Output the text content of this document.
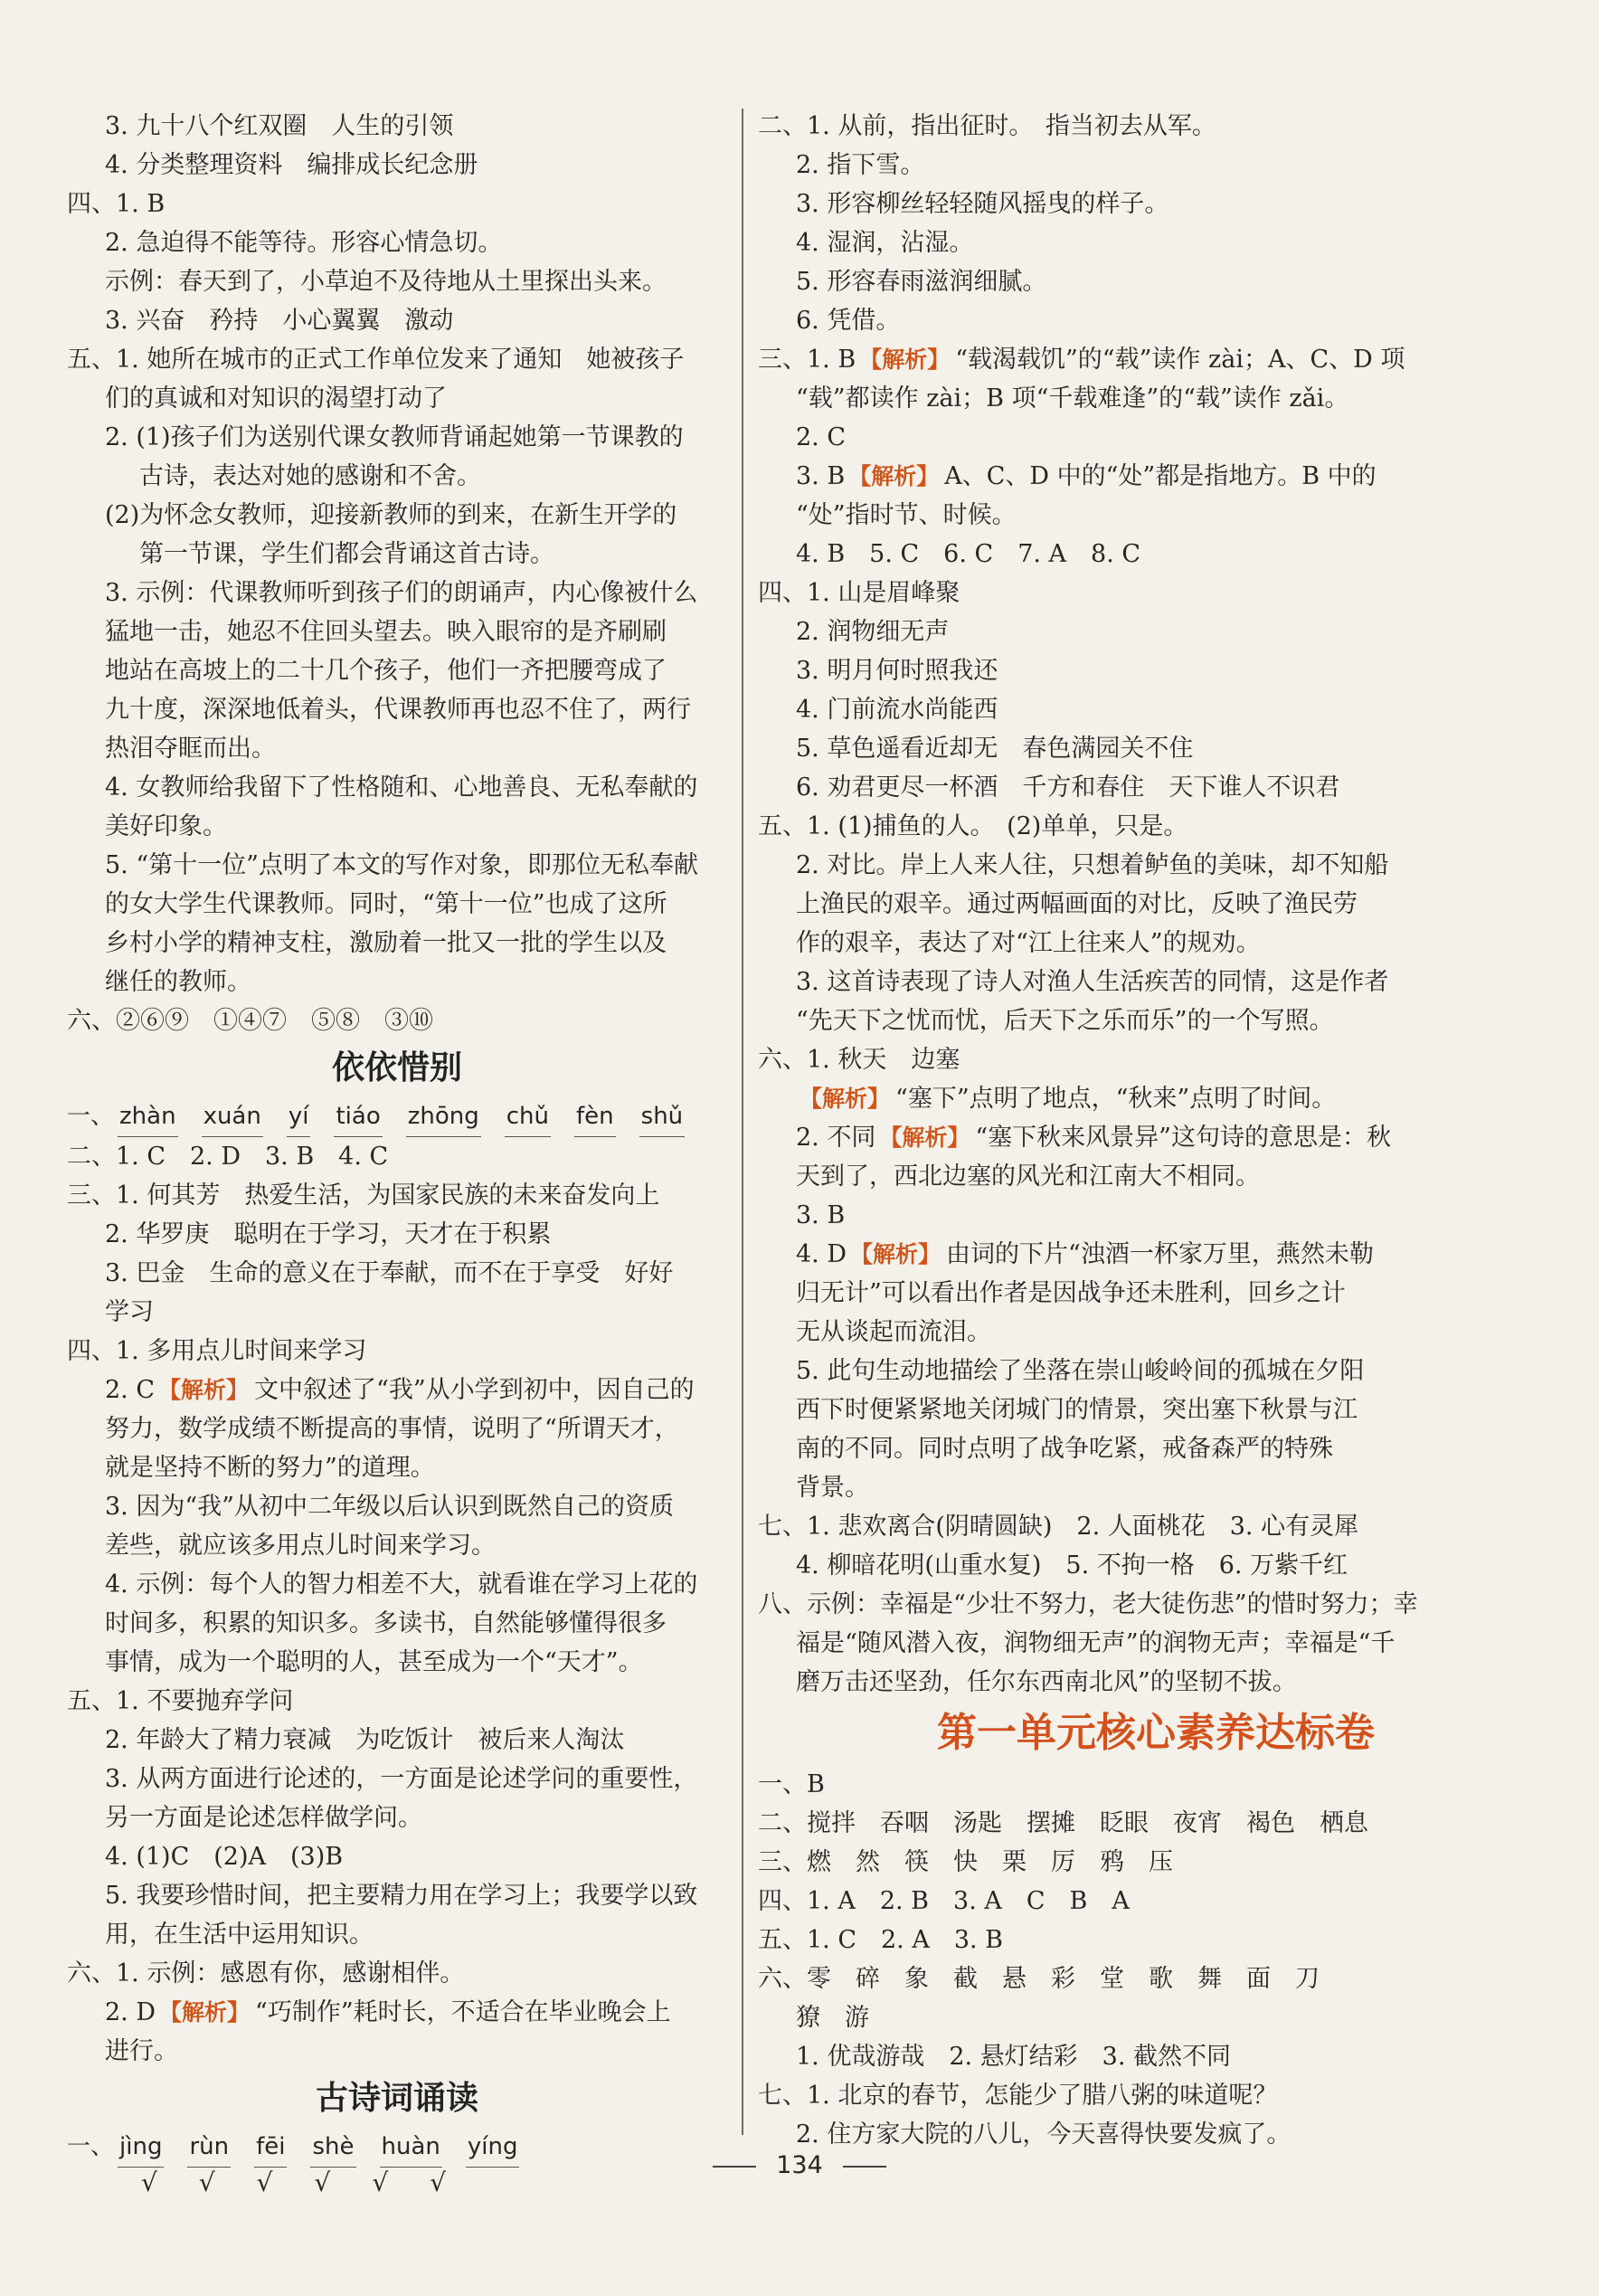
3. 九十八个红双圈　人生的引领
4. 分类整理资料　编排成长纪念册
四、1. B
2. 急迫得不能等待。形容心情急切。
示例：春天到了，小草迫不及待地从土里探出头来。
3. 兴奋　矜持　小心翼翼　激动
五、1. 她所在城市的正式工作单位发来了通知　她被孩子
们的真诚和对知识的渴望打动了
2. (1)孩子们为送别代课女教师背诵起她第一节课教的
古诗，表达对她的感谢和不舍。
(2)为怀念女教师，迎接新教师的到来，在新生开学的
第一节课，学生们都会背诵这首古诗。
3. 示例：代课教师听到孩子们的朗诵声，内心像被什么
猛地一击，她忍不住回头望去。映入眼帘的是齐刷刷
地站在高坡上的二十几个孩子，他们一齐把腰弯成了
九十度，深深地低着头，代课教师再也忍不住了，两行
热泪夺眶而出。
4. 女教师给我留下了性格随和、心地善良、无私奉献的
美好印象。
5. “第十一位”点明了本文的写作对象，即那位无私奉献
的女大学生代课教师。同时，“第十一位”也成了这所
乡村小学的精神支柱，激励着一批又一批的学生以及
继任的教师。
六、②⑥⑨　①④⑦　⑤⑧　③⑩
依依惜别
一、 zhàn xuán yí tiáo zhōng chǔ fèn shǔ
二、1. C　2. D　3. B　4. C
三、1. 何其芳　热爱生活，为国家民族的未来奋发向上
2. 华罗庚　聪明在于学习，天才在于积累
3. 巴金　生命的意义在于奉献，而不在于享受　好好
学习
四、1. 多用点儿时间来学习
2. C 【解析】 文中叙述了“我”从小学到初中，因自己的
努力，数学成绩不断提高的事情，说明了“所谓天才，
就是坚持不断的努力”的道理。
3. 因为“我”从初中二年级以后认识到既然自己的资质
差些，就应该多用点儿时间来学习。
4. 示例：每个人的智力相差不大，就看谁在学习上花的
时间多，积累的知识多。多读书，自然能够懂得很多
事情，成为一个聪明的人，甚至成为一个“天才”。
五、1. 不要抛弃学问
2. 年龄大了精力衰减　为吃饭计　被后来人淘汰
3. 从两方面进行论述的，一方面是论述学问的重要性，
另一方面是论述怎样做学问。
4. (1)C　(2)A　(3)B
5. 我要珍惜时间，把主要精力用在学习上；我要学以致
用，在生活中运用知识。
六、1. 示例：感恩有你，感谢相伴。
2. D 【解析】 “巧制作”耗时长，不适合在毕业晚会上
进行。
古诗词诵读
一、 jìng rùn fēi shè huàn yíng
√√√√√√
二、1. 从前，指出征时。　指当初去从军。
2. 指下雪。
3. 形容柳丝轻轻随风摇曳的样子。
4. 湿润，沾湿。
5. 形容春雨滋润细腻。
6. 凭借。
三、1. B 【解析】 “载渴载饥”的“载”读作 zài；A、C、D 项
“载”都读作 zài；B 项“千载难逢”的“载”读作 zǎi。
2. C
3. B 【解析】 A、C、D 中的“处”都是指地方。B 中的
“处”指时节、时候。
4. B　5. C　6. C　7. A　8. C
四、1. 山是眉峰聚
2. 润物细无声
3. 明月何时照我还
4. 门前流水尚能西
5. 草色遥看近却无　春色满园关不住
6. 劝君更尽一杯酒　千方和春住　天下谁人不识君
五、1. (1)捕鱼的人。　(2)单单，只是。
2. 对比。岸上人来人往，只想着鲈鱼的美味，却不知船
上渔民的艰辛。通过两幅画面的对比，反映了渔民劳
作的艰辛，表达了对“江上往来人”的规劝。
3. 这首诗表现了诗人对渔人生活疾苦的同情，这是作者
“先天下之忧而忧，后天下之乐而乐”的一个写照。
六、1. 秋天　边塞
【解析】 “塞下”点明了地点，“秋来”点明了时间。
2. 不同 【解析】 “塞下秋来风景异”这句诗的意思是：秋
天到了，西北边塞的风光和江南大不相同。
3. B
4. D 【解析】 由词的下片“浊酒一杯家万里，燕然未勒
归无计”可以看出作者是因战争还未胜利，回乡之计
无从谈起而流泪。
5. 此句生动地描绘了坐落在崇山峻岭间的孤城在夕阳
西下时便紧紧地关闭城门的情景，突出塞下秋景与江
南的不同。同时点明了战争吃紧，戒备森严的特殊
背景。
七、1. 悲欢离合(阴晴圆缺)　2. 人面桃花　3. 心有灵犀
4. 柳暗花明(山重水复)　5. 不拘一格　6. 万紫千红
八、示例：幸福是“少壮不努力，老大徒伤悲”的惜时努力；幸
福是“随风潜入夜，润物细无声”的润物无声；幸福是“千
磨万击还坚劲，任尔东西南北风”的坚韧不拔。
第一单元核心素养达标卷
一、B
二、搅拌　吞咽　汤匙　摆摊　眨眼　夜宵　褐色　栖息
三、燃　然　筷　快　栗　厉　鸦　压
四、1. A　2. B　3. A　C　B　A
五、1. C　2. A　3. B
六、零　碎　象　截　悬　彩　堂　歌　舞　面　刀
獠　游
1. 优哉游哉　2. 悬灯结彩　3. 截然不同
七、1. 北京的春节，怎能少了腊八粥的味道呢？
2. 住方家大院的八儿，今天喜得快要发疯了。
134
